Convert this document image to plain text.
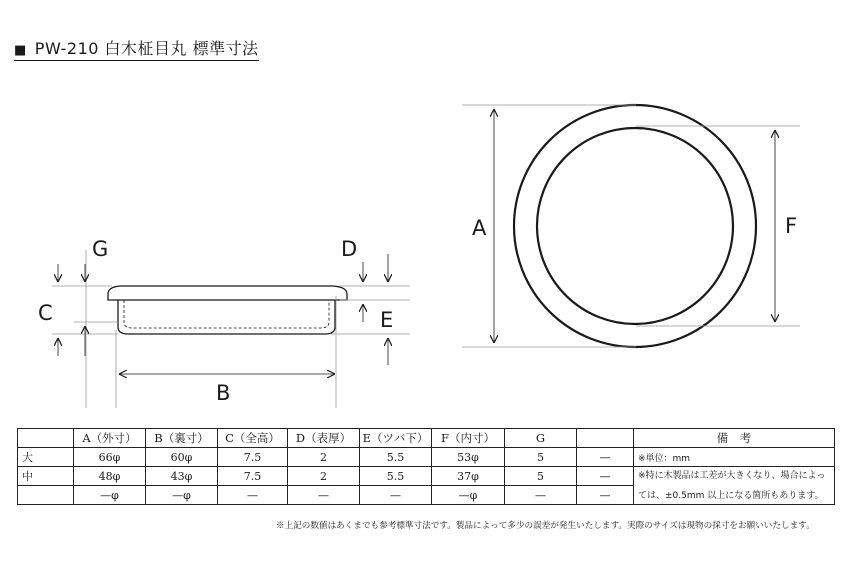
■ PW-210 白木柾目丸 標準寸法
G	D
C	E
B
A	F
	A（外寸）	B（裏寸）	C（全高）	D（表厚）	E（ツバ下）	F（内寸）	G		備　考
大	66φ	60φ	7.5	2	5.5	53φ	5	—	※単位：mm
中	48φ	43φ	7.5	2	5.5	37φ	5	—	※特に木製品は工差が大きくなり、場合によっ
ては、±0.5mm 以上になる箇所もあります。

	—φ	—φ	—	—	—	—φ	—	—	
※上記の数値はあくまでも参考標準寸法です。製品によって多少の誤差が発生いたします。実際のサイズは現物の採寸をお願いいたします。
